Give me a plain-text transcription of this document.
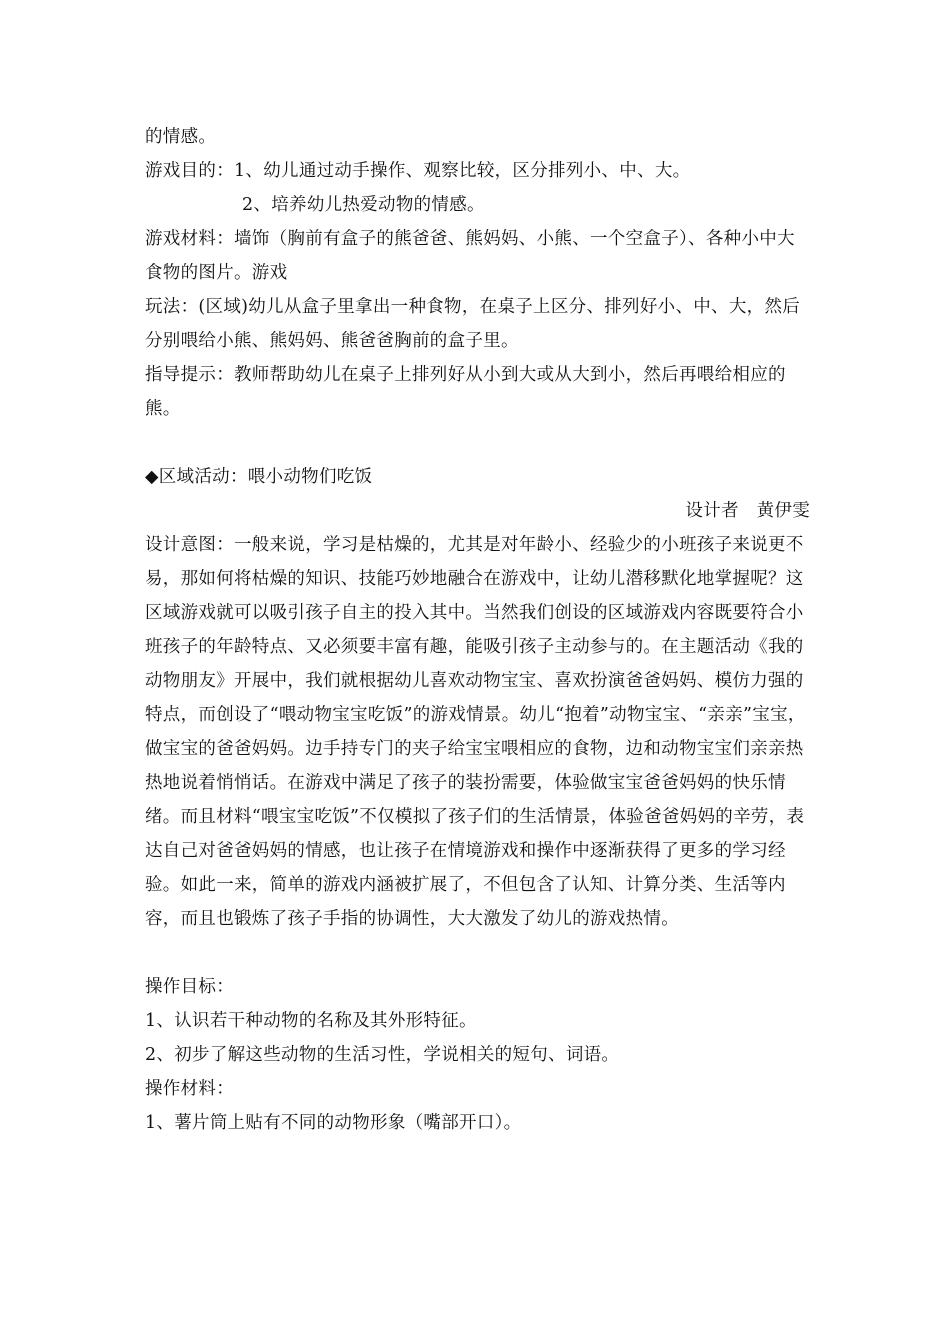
的情感。

游戏目的：1、幼儿通过动手操作、观察比较，区分排列小、中、大。

2、培养幼儿热爱动物的情感。

游戏材料：墙饰（胸前有盒子的熊爸爸、熊妈妈、小熊、一个空盒子）、各种小中大食物的图片。游戏

玩法：(区域)幼儿从盒子里拿出一种食物，在桌子上区分、排列好小、中、大，然后分别喂给小熊、熊妈妈、熊爸爸胸前的盒子里。

指导提示：教师帮助幼儿在桌子上排列好从小到大或从大到小，然后再喂给相应的熊。

◆区域活动：喂小动物们吃饭

设计者　黄伊雯

设计意图：一般来说，学习是枯燥的，尤其是对年龄小、经验少的小班孩子来说更不易，那如何将枯燥的知识、技能巧妙地融合在游戏中，让幼儿潜移默化地掌握呢？这区域游戏就可以吸引孩子自主的投入其中。当然我们创设的区域游戏内容既要符合小班孩子的年龄特点、又必须要丰富有趣，能吸引孩子主动参与的。在主题活动《我的动物朋友》开展中，我们就根据幼儿喜欢动物宝宝、喜欢扮演爸爸妈妈、模仿力强的特点，而创设了“喂动物宝宝吃饭”的游戏情景。幼儿“抱着”动物宝宝、“亲亲”宝宝，做宝宝的爸爸妈妈。边手持专门的夹子给宝宝喂相应的食物，边和动物宝宝们亲亲热热地说着悄悄话。在游戏中满足了孩子的装扮需要，体验做宝宝爸爸妈妈的快乐情绪。而且材料“喂宝宝吃饭”不仅模拟了孩子们的生活情景，体验爸爸妈妈的辛劳，表达自己对爸爸妈妈的情感，也让孩子在情境游戏和操作中逐渐获得了更多的学习经验。如此一来，简单的游戏内涵被扩展了，不但包含了认知、计算分类、生活等内容，而且也锻炼了孩子手指的协调性，大大激发了幼儿的游戏热情。

操作目标：

1、认识若干种动物的名称及其外形特征。

2、初步了解这些动物的生活习性，学说相关的短句、词语。

操作材料：

1、薯片筒上贴有不同的动物形象（嘴部开口）。
